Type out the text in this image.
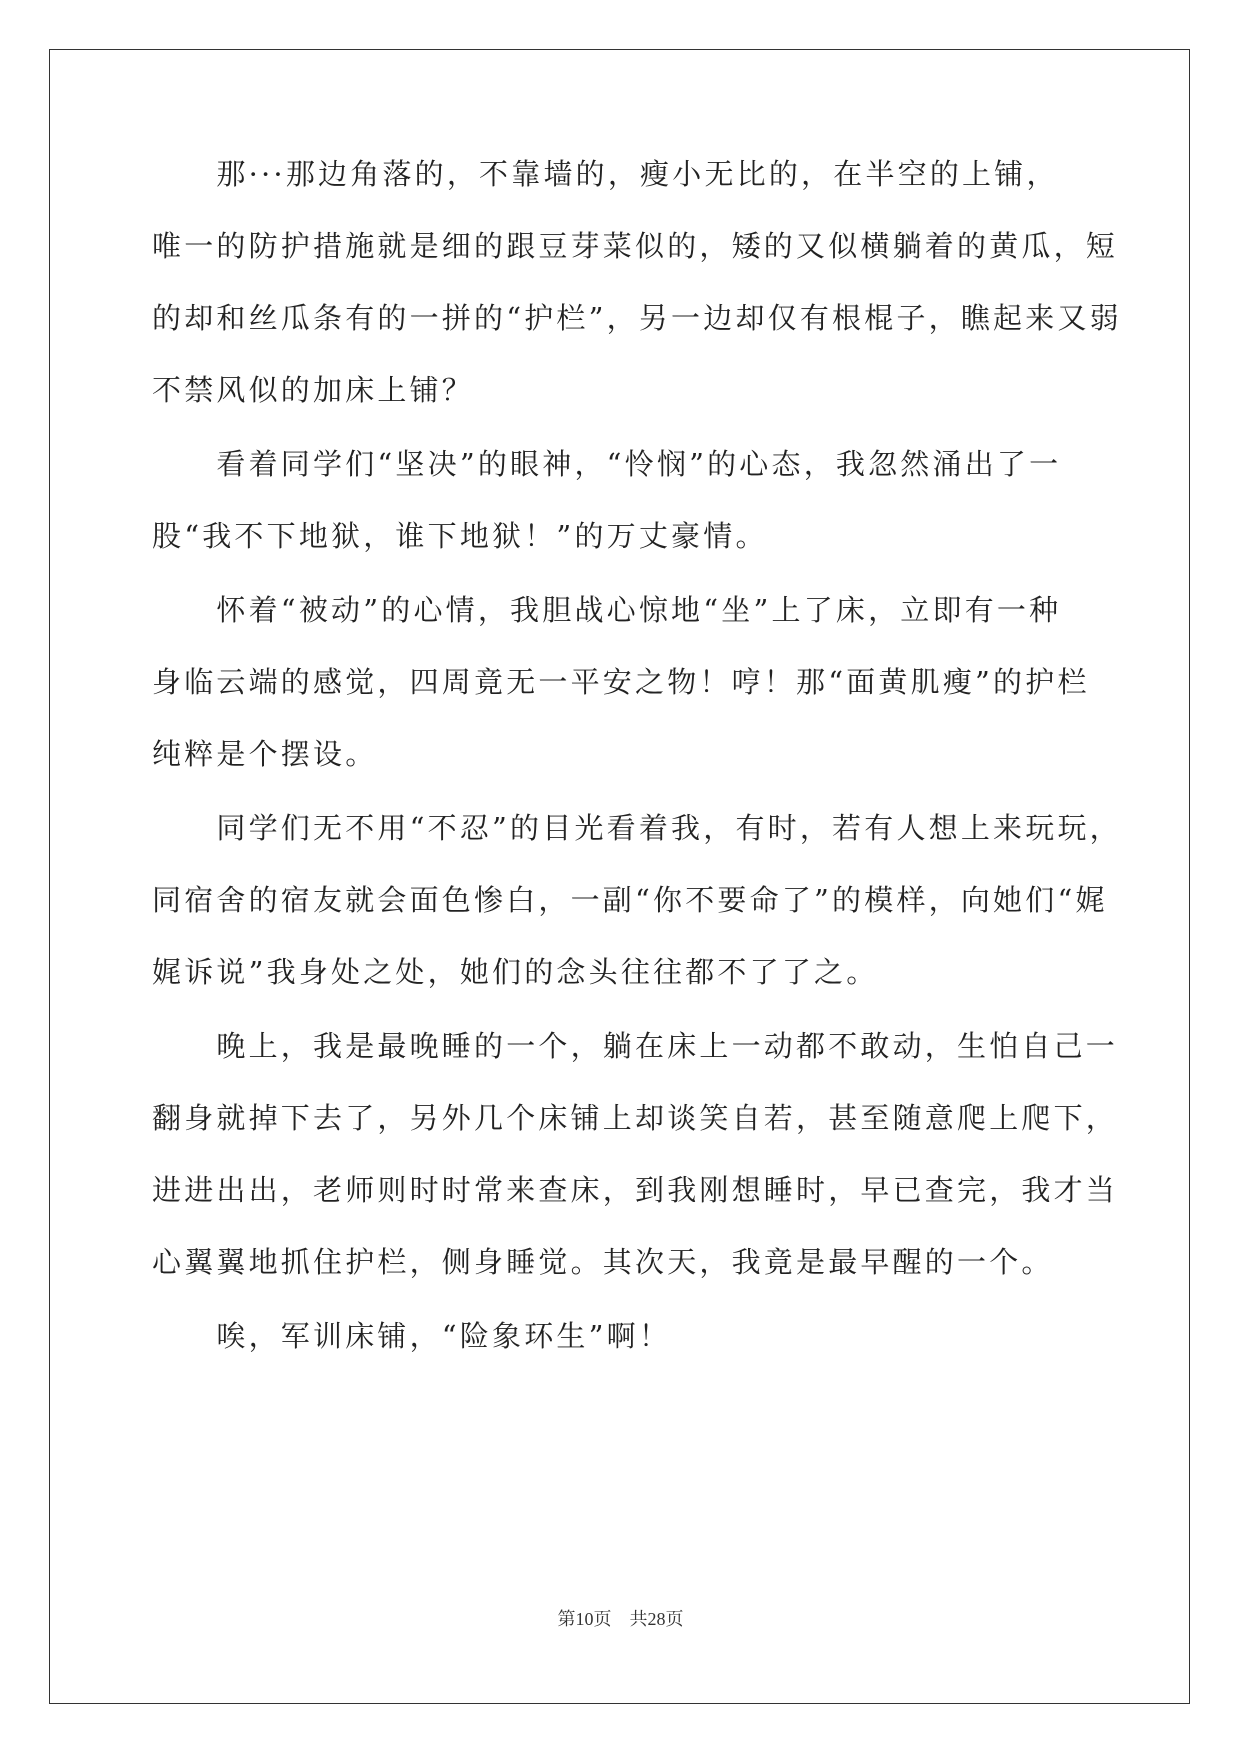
　　那···那边角落的，不靠墙的，瘦小无比的，在半空的上铺，
唯一的防护措施就是细的跟豆芽菜似的，矮的又似横躺着的黄瓜，短
的却和丝瓜条有的一拼的“护栏”，另一边却仅有根棍子，瞧起来又弱
不禁风似的加床上铺？
　　看着同学们“坚决”的眼神，“怜悯”的心态，我忽然涌出了一
股“我不下地狱，谁下地狱！”的万丈豪情。
　　怀着“被动”的心情，我胆战心惊地“坐”上了床，立即有一种
身临云端的感觉，四周竟无一平安之物！哼！那“面黄肌瘦”的护栏
纯粹是个摆设。
　　同学们无不用“不忍”的目光看着我，有时，若有人想上来玩玩，
同宿舍的宿友就会面色惨白，一副“你不要命了”的模样，向她们“娓
娓诉说”我身处之处，她们的念头往往都不了了之。
　　晚上，我是最晚睡的一个，躺在床上一动都不敢动，生怕自己一
翻身就掉下去了，另外几个床铺上却谈笑自若，甚至随意爬上爬下，
进进出出，老师则时时常来查床，到我刚想睡时，早已查完，我才当
心翼翼地抓住护栏，侧身睡觉。其次天，我竟是最早醒的一个。
　　唉，军训床铺，“险象环生”啊！
第10页　共28页
